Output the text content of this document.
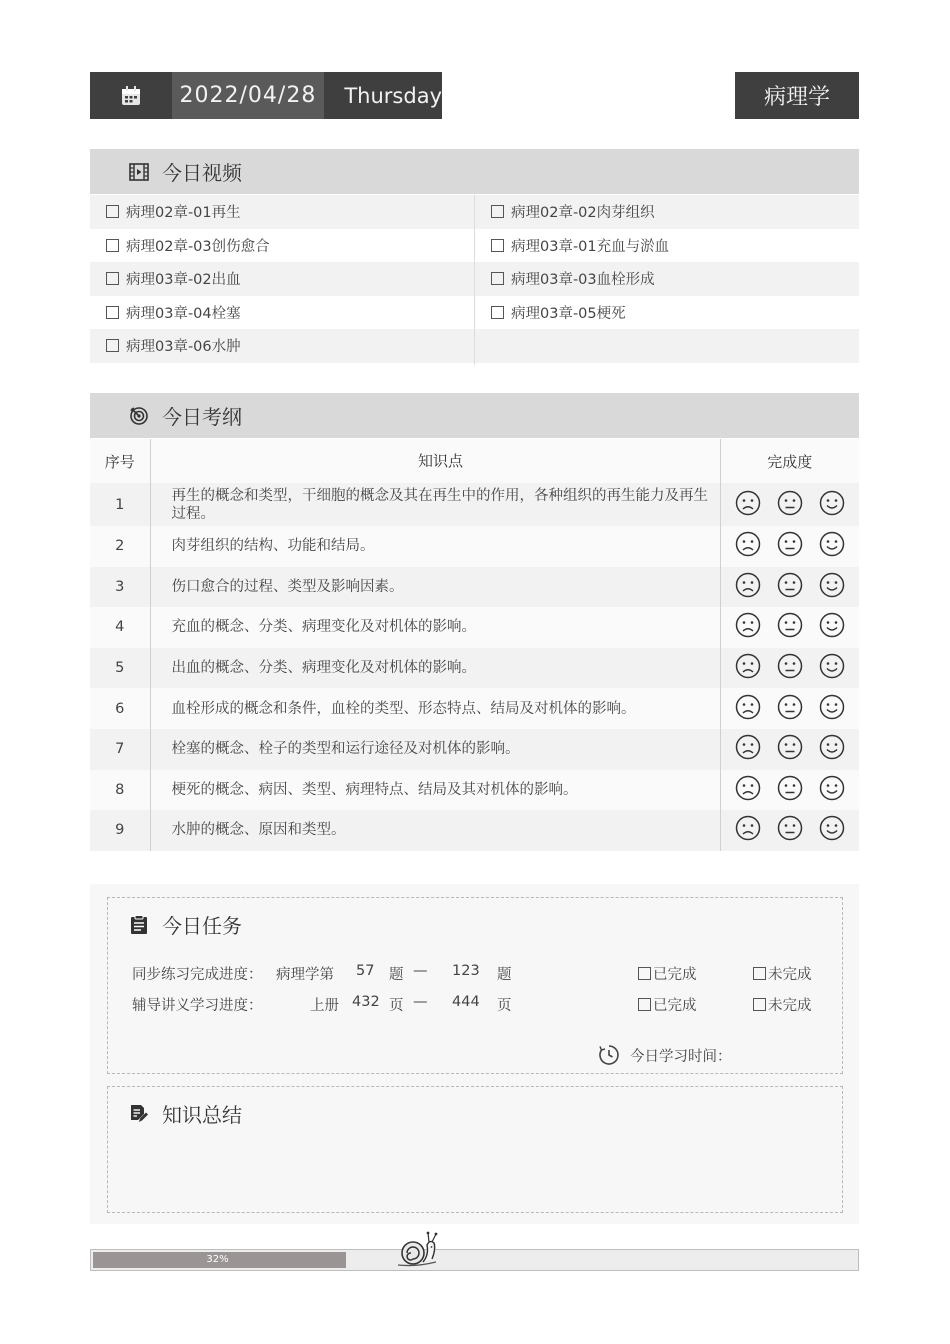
2022/04/28	Thursday	病理学
今日视频
病理02章-01再生
病理02章-03创伤愈合
病理03章-02出血
病理03章-04栓塞
病理03章-06水肿
病理02章-02肉芽组织
病理03章-01充血与淤血
病理03章-03血栓形成
病理03章-05梗死
今日考纲
序号	知识点	完成度
1	再生的概念和类型，干细胞的概念及其在再生中的作用，各种组织的再生能力及再生过程。	

2	肉芽组织的结构、功能和结局。	

3	伤口愈合的过程、类型及影响因素。	

4	充血的概念、分类、病理变化及对机体的影响。	

5	出血的概念、分类、病理变化及对机体的影响。	

6	血栓形成的概念和条件，血栓的类型、形态特点、结局及对机体的影响。	

7	栓塞的概念、栓子的类型和运行途径及对机体的影响。	

8	梗死的概念、病因、类型、病理特点、结局及其对机体的影响。	

9	水肿的概念、原因和类型。	
今日任务
同步练习完成进度： 病理学第 57 题 — 123 题	已完成	未完成
辅导讲义学习进度：	上册 432 页 — 444 页	已完成	未完成
今日学习时间：
知识总结
32%
